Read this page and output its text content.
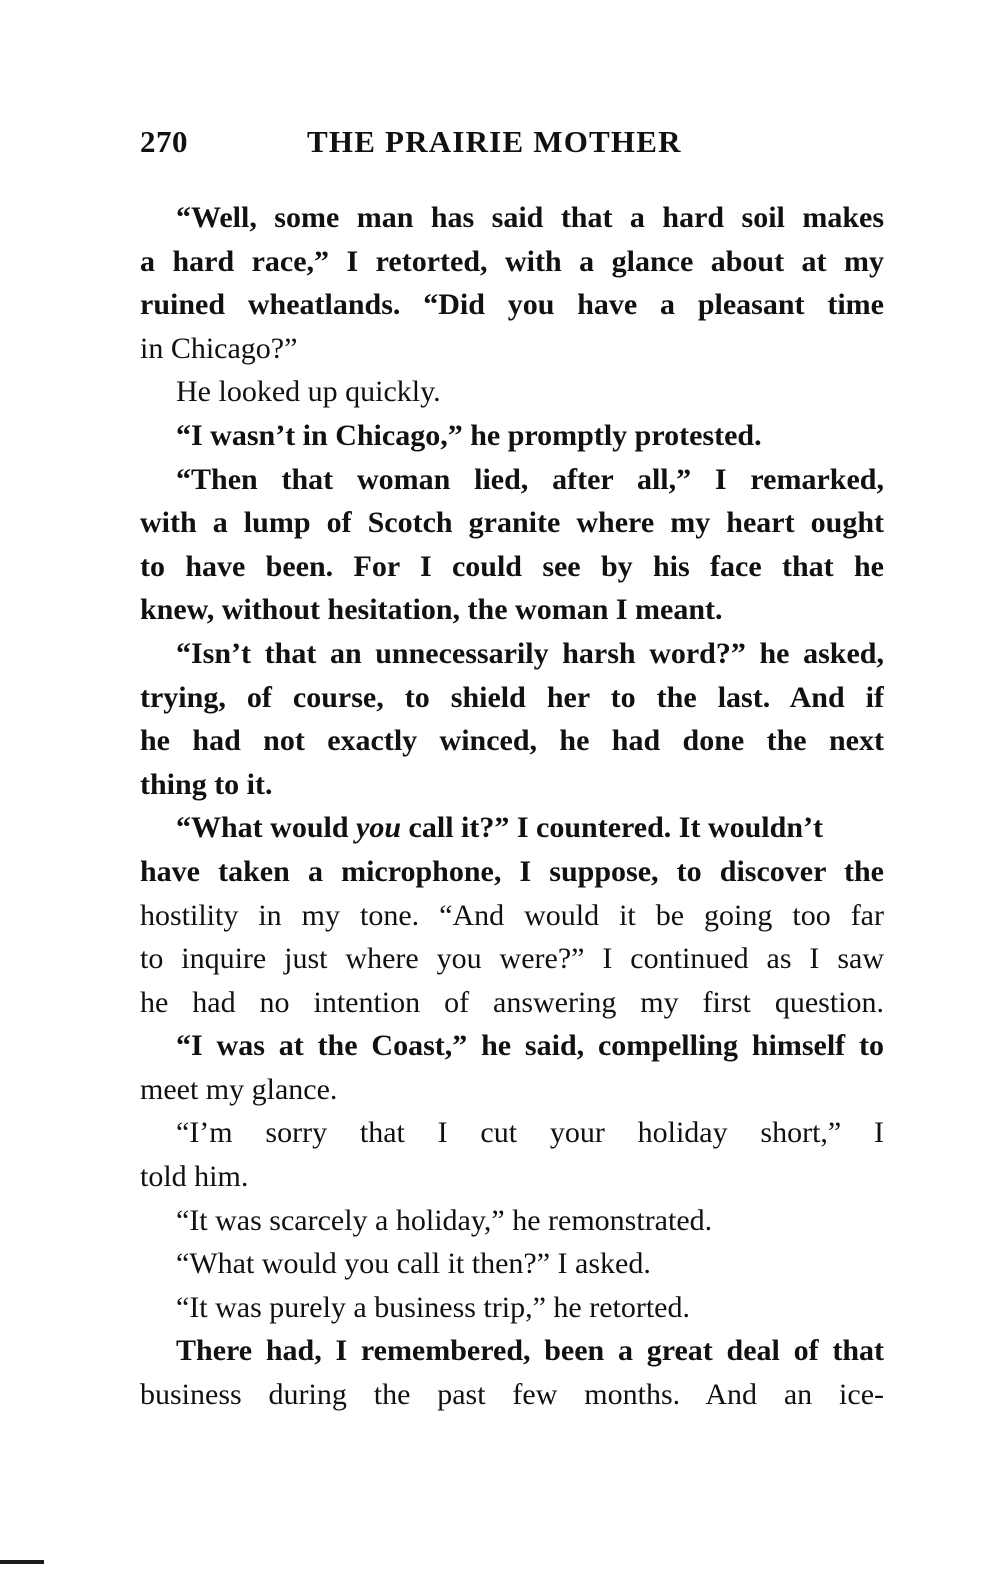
270	THE PRAIRIE MOTHER
“Well, some man has said that a hard soil makes
a hard race,” I retorted, with a glance about at my
ruined wheatlands. “Did you have a pleasant time
in Chicago?”
He looked up quickly.
“I wasn’t in Chicago,” he promptly protested.
“Then that woman lied, after all,” I remarked,
with a lump of Scotch granite where my heart ought
to have been. For I could see by his face that he
knew, without hesitation, the woman I meant.
“Isn’t that an unnecessarily harsh word?” he asked,
trying, of course, to shield her to the last. And if
he had not exactly winced, he had done the next
thing to it.
“What would you call it?” I countered. It wouldn’t
have taken a microphone, I suppose, to discover the
hostility in my tone. “And would it be going too far
to inquire just where you were?” I continued as I saw
he had no intention of answering my first question.
“I was at the Coast,” he said, compelling himself to
meet my glance.
“I’m sorry that I cut your holiday short,” I
told him.
“It was scarcely a holiday,” he remonstrated.
“What would you call it then?” I asked.
“It was purely a business trip,” he retorted.
There had, I remembered, been a great deal of that
business during the past few months. And an ice-
